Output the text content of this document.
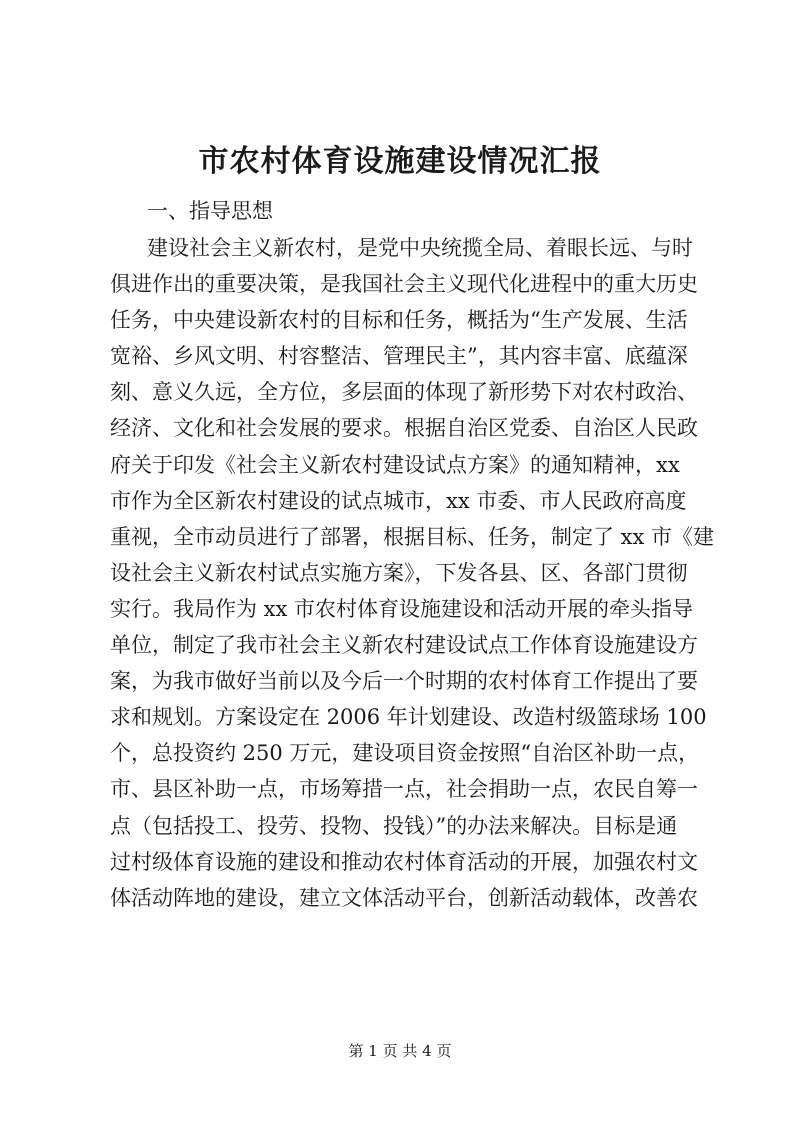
市农村体育设施建设情况汇报
一、指导思想
建设社会主义新农村，是党中央统揽全局、着眼长远、与时
俱进作出的重要决策，是我国社会主义现代化进程中的重大历史
任务，中央建设新农村的目标和任务，概括为“生产发展、生活
宽裕、乡风文明、村容整洁、管理民主”，其内容丰富、底蕴深
刻、意义久远，全方位，多层面的体现了新形势下对农村政治、
经济、文化和社会发展的要求。根据自治区党委、自治区人民政
府关于印发《社会主义新农村建设试点方案》的通知精神，xx
市作为全区新农村建设的试点城市，xx 市委、市人民政府高度
重视，全市动员进行了部署，根据目标、任务，制定了 xx 市《建
设社会主义新农村试点实施方案》，下发各县、区、各部门贯彻
实行。我局作为 xx 市农村体育设施建设和活动开展的牵头指导
单位，制定了我市社会主义新农村建设试点工作体育设施建设方
案，为我市做好当前以及今后一个时期的农村体育工作提出了要
求和规划。方案设定在 2006 年计划建设、改造村级篮球场 100
个，总投资约 250 万元，建设项目资金按照“自治区补助一点，
市、县区补助一点，市场筹措一点，社会捐助一点，农民自筹一
点（包括投工、投劳、投物、投钱）”的办法来解决。目标是通
过村级体育设施的建设和推动农村体育活动的开展，加强农村文
体活动阵地的建设，建立文体活动平台，创新活动载体，改善农
第 1 页 共 4 页
